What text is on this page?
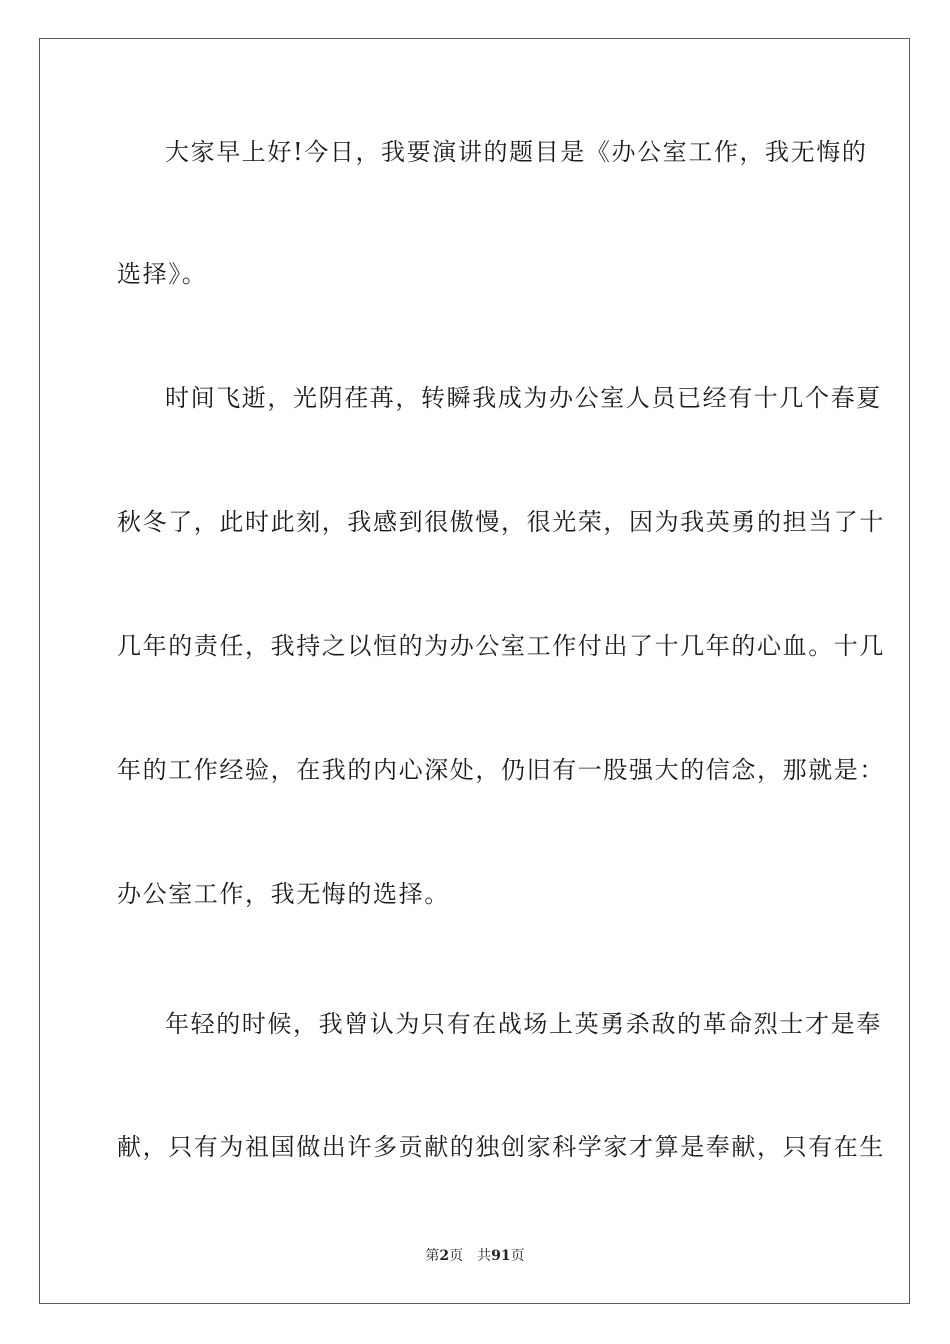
大家早上好!今日，我要演讲的题目是《办公室工作，我无悔的
选择》。
时间飞逝，光阴荏苒，转瞬我成为办公室人员已经有十几个春夏
秋冬了，此时此刻，我感到很傲慢，很光荣，因为我英勇的担当了十
几年的责任，我持之以恒的为办公室工作付出了十几年的心血。十几
年的工作经验，在我的内心深处，仍旧有一股强大的信念，那就是：
办公室工作，我无悔的选择。
年轻的时候，我曾认为只有在战场上英勇杀敌的革命烈士才是奉
献，只有为祖国做出许多贡献的独创家科学家才算是奉献，只有在生
第2页 共91页
